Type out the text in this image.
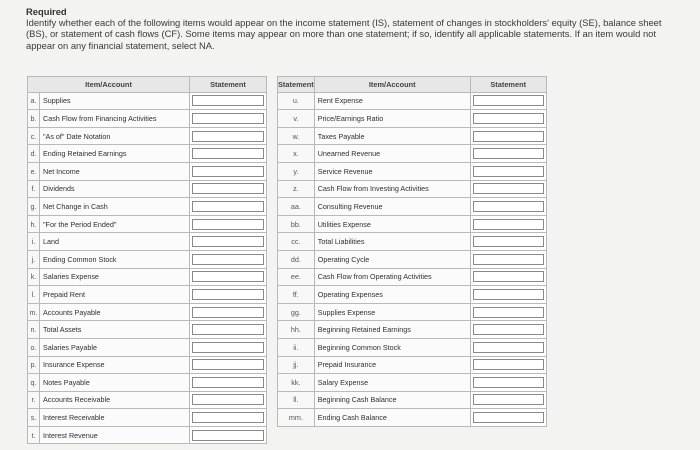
Required
Identify whether each of the following items would appear on the income statement (IS), statement of changes in stockholders' equity (SE), balance sheet (BS), or statement of cash flows (CF). Some items may appear on more than one statement; if so, identify all applicable statements. If an item would not appear on any financial statement, select NA.
Item/Account		Statement
a.	Supplies	

b.	Cash Flow from Financing Activities	

c.	"As of" Date Notation	

d.	Ending Retained Earnings	

e.	Net Income	

f.	Dividends	

g.	Net Change in Cash	

h.	"For the Period Ended"	

i.	Land	

j.	Ending Common Stock	

k.	Salaries Expense	

l.	Prepaid Rent	

m.	Accounts Payable	

n.	Total Assets	

o.	Salaries Payable	

p.	Insurance Expense	

q.	Notes Payable	

r.	Accounts Receivable	

s.	Interest Receivable	

t.	Interest Revenue	
Statement	Item/Account	Statement
u.	Rent Expense	

v.	Price/Earnings Ratio	

w.	Taxes Payable	

x.	Unearned Revenue	

y.	Service Revenue	

z.	Cash Flow from Investing Activities	

aa.	Consulting Revenue	

bb.	Utilities Expense	

cc.	Total Liabilities	

dd.	Operating Cycle	

ee.	Cash Flow from Operating Activities	

ff.	Operating Expenses	

gg.	Supplies Expense	

hh.	Beginning Retained Earnings	

ii.	Beginning Common Stock	

jj.	Prepaid Insurance	

kk.	Salary Expense	

ll.	Beginning Cash Balance	

mm.	Ending Cash Balance	
